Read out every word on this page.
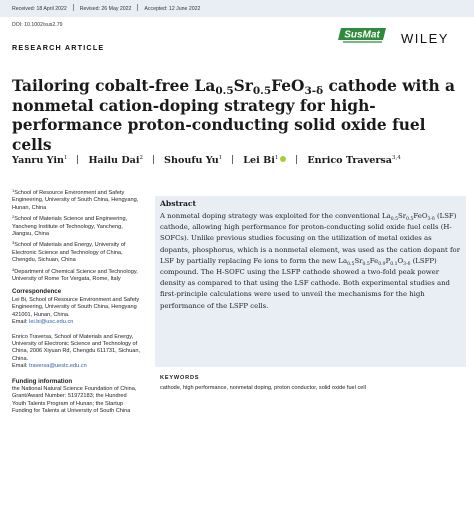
Received: 18 April 2022	Revised: 26 May 2022	Accepted: 12 June 2022
DOI: 10.1002/sus2.79
SusMat WILEY
RESEARCH ARTICLE
Tailoring cobalt-free $La_{0.5}Sr_{0.5}FeO_{3-\delta}$ cathode with a nonmetal cation-doping strategy for high-performance proton-conducting solid oxide fuel cells
Yanru Yin$^1$ Hailu Dai$^2$ Shoufu Yu$^1$ Lei Bi$^1$	Enrico Traversa$^{3,4}$
$^1$School of Resource Environment and Safety Engineering, University of South China, Hengyang, Hunan, China
$^2$School of Materials Science and Engineering, Yancheng Institute of Technology, Yancheng, Jiangsu, China
$^3$School of Materials and Energy, University of Electronic Science and Technology of China, Chengdu, Sichuan, China
$^4$Department of Chemical Science and Technology, University of Rome Tor Vergata, Rome, Italy
Correspondence
Lei Bi, School of Resource Environment and Safety Engineering, University of South China, Hengyang 421001, Hunan, China.
Email: lei.bi@usc.edu.cn
Enrico Traversa, School of Materials and Energy, University of Electronic Science and Technology of China, 2006 Xiyuan Rd, Chengdu 611731, Sichuan, China.
Email: traversa@uestc.edu.cn
Funding information
the National Natural Science Foundation of China, Grant/Award Number: 51972183; the Hundred Youth Talents Program of Hunan; the Startup Funding for Talents at University of South China
Abstract

A nonmetal doping strategy was exploited for the conventional $La_{0.5}Sr_{0.5}FeO_{3-\delta}$ (LSF) cathode, allowing high performance for proton-conducting solid oxide fuel cells (H-SOFCs). Unlike previous studies focusing on the utilization of metal oxides as dopants, phosphorus, which is a nonmetal element, was used as the cation dopant for LSF by partially replacing Fe ions to form the new $La_{0.5}Sr_{0.5}Fe_{0.9}P_{0.1}O_{3-\delta}$ (LSFP) compound. The H-SOFC using the LSFP cathode showed a two-fold peak power density as compared to that using the LSF cathode. Both experimental studies and first-principle calculations were used to unveil the mechanisms for the high performance of the LSFP cells.

KEYWORDS
cathode, high performance, nonmetal doping, proton conductor, solid oxide fuel cell
